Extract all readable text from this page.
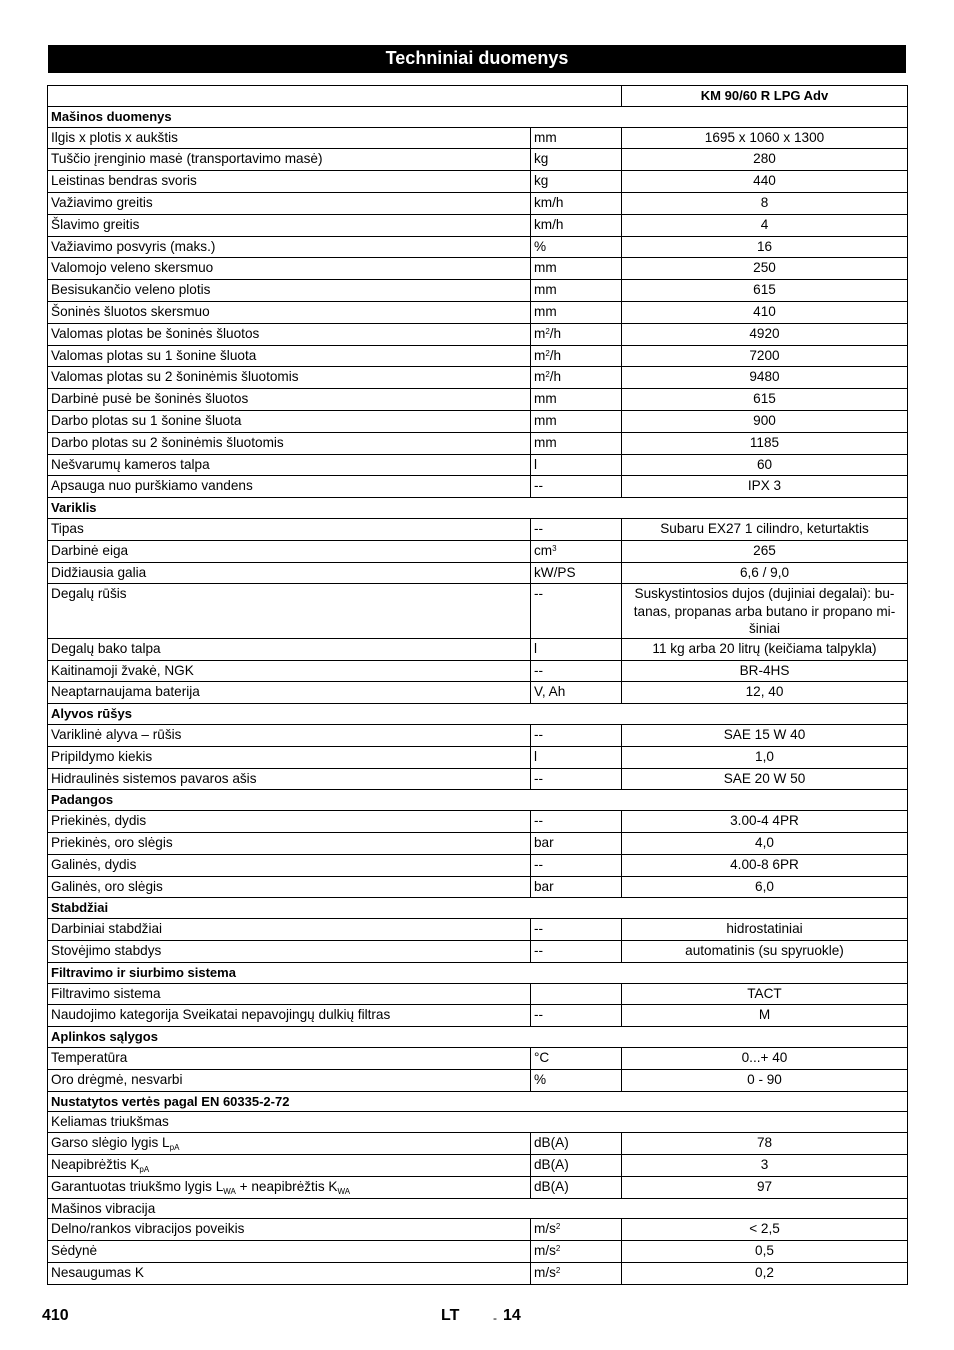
Techniniai duomenys
		KM 90/60 R LPG Adv
Mašinos duomenys		
Ilgis x plotis x aukštis	mm	1695 x 1060 x 1300
Tuščio įrenginio masė (transportavimo masė)	kg	280
Leistinas bendras svoris	kg	440
Važiavimo greitis	km/h	8
Šlavimo greitis	km/h	4
Važiavimo posvyris (maks.)	%	16
Valomojo veleno skersmuo	mm	250
Besisukančio veleno plotis	mm	615
Šoninės šluotos skersmuo	mm	410
Valomas plotas be šoninės šluotos	$m^2/h$	4920
Valomas plotas su 1 šonine šluota	$m^2/h$	7200
Valomas plotas su 2 šoninėmis šluotomis	$m^2/h$	9480
Darbinė pusė be šoninės šluotos	mm	615
Darbo plotas su 1 šonine šluota	mm	900
Darbo plotas su 2 šoninėmis šluotomis	mm	1185
Nešvarumų kameros talpa	l	60
Apsauga nuo purškiamo vandens	--	IPX 3
Variklis		
Tipas	--	Subaru EX27 1 cilindro, keturtaktis
Darbinė eiga	$cm^3$	265
Didžiausia galia	kW/PS	6,6 / 9,0
Degalų rūšis	--	Suskystintosios dujos (dujiniai degalai): bu-tanas, propanas arba butano ir propano mi-šiniai
Degalų bako talpa	l	11 kg arba 20 litrų (keičiama talpykla)
Kaitinamoji žvakė, NGK	--	BR-4HS
Neaptarnaujama baterija	V, Ah	12, 40
Alyvos rūšys		
Variklinė alyva – rūšis	--	SAE 15 W 40
Pripildymo kiekis	l	1,0
Hidraulinės sistemos pavaros ašis	--	SAE 20 W 50
Padangos		
Priekinės, dydis	--	3.00-4 4PR
Priekinės, oro slėgis	bar	4,0
Galinės, dydis	--	4.00-8 6PR
Galinės, oro slėgis	bar	6,0
Stabdžiai		
Darbiniai stabdžiai	--	hidrostatiniai
Stovėjimo stabdys	--	automatinis (su spyruokle)
Filtravimo ir siurbimo sistema		
Filtravimo sistema		TACT
Naudojimo kategorija Sveikatai nepavojingų dulkių filtras	--	M
Aplinkos sąlygos		
Temperatūra	°C	0...+ 40
Oro drėgmė, nesvarbi	%	0 - 90
Nustatytos vertės pagal EN 60335-2-72		
Keliamas triukšmas		
Garso slėgio lygis $L_{pA}$	dB(A)	78
Neapibrėžtis $K_{pA}$	dB(A)	3
Garantuotas triukšmo lygis $L_{WA}$ + neapibrėžtis $K_{WA}$	dB(A)	97
Mašinos vibracija		
Delno/rankos vibracijos poveikis	$m/s^2$	< 2,5
Sėdynė	$m/s^2$	0,5
Nesaugumas K	$m/s^2$	0,2
410	LT	- 14
